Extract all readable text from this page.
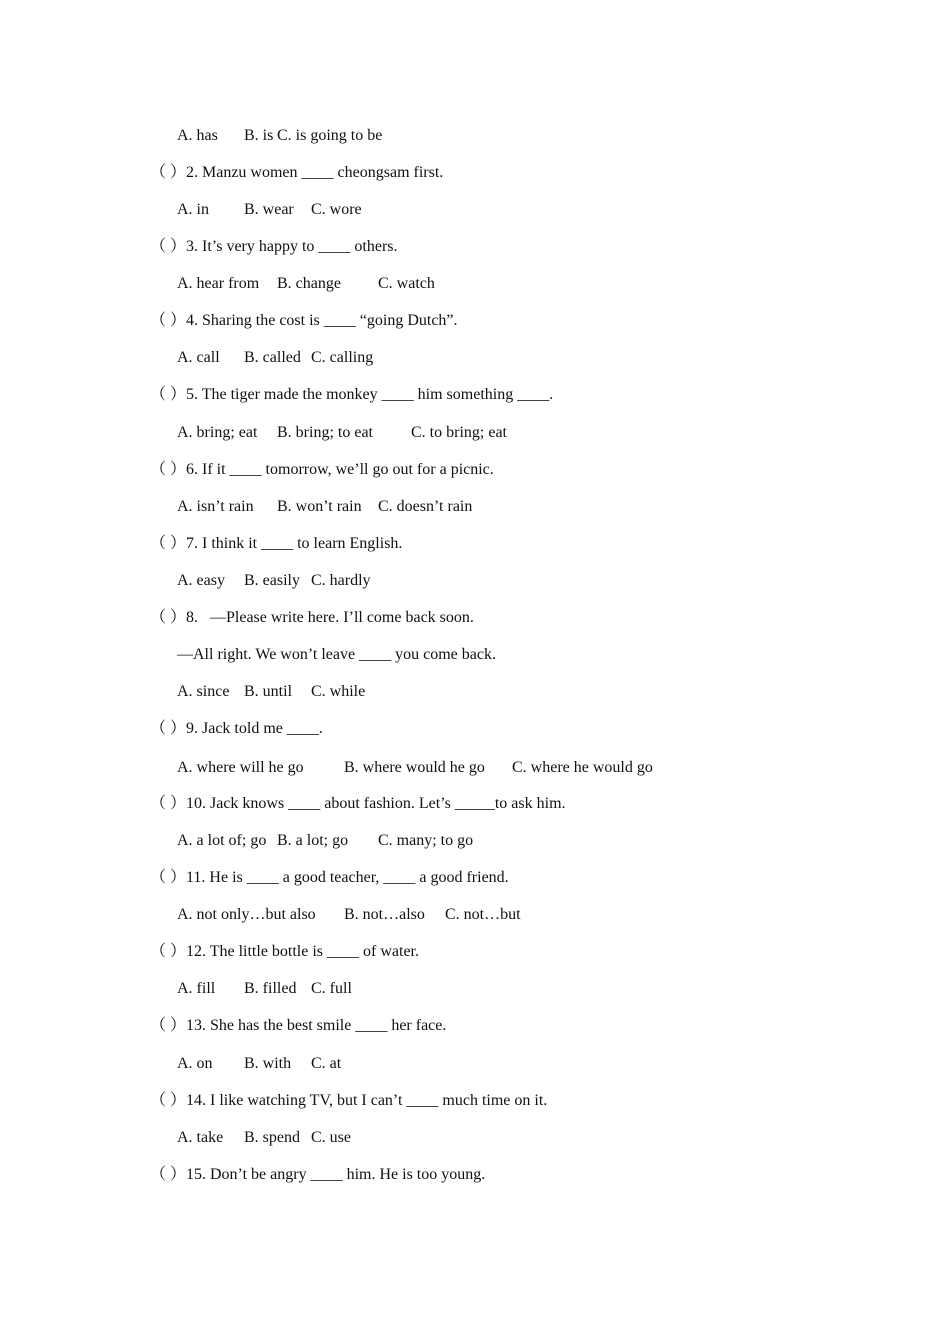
A. has B. is C. is going to be
（ ） 2. Manzu women ____ cheongsam first.
A. in B. wear C. wore
（ ） 3. It’s very happy to ____ others.
A. hear from B. change C. watch
（ ） 4. Sharing the cost is ____ “going Dutch”.
A. call B. called C. calling
（ ） 5. The tiger made the monkey ____ him something ____.
A. bring; eat B. bring; to eat C. to bring; eat
（ ） 6. If it ____ tomorrow, we’ll go out for a picnic.
A. isn’t rain B. won’t rain C. doesn’t rain
（ ） 7. I think it ____ to learn English.
A. easy B. easily C. hardly
（ ） 8.   —Please write here. I’ll come back soon.
—All right. We won’t leave ____ you come back.
A. since B. until C. while
（ ） 9. Jack told me ____.
A. where will he go	B. where would he go C. where he would go
（ ） 10. Jack knows ____ about fashion. Let’s _____to ask him.
A. a lot of; go B. a lot; go C. many; to go
（ ） 11. He is ____ a good teacher, ____ a good friend.
A. not only…but also B. not…also C. not…but
（ ） 12. The little bottle is ____ of water.
A. fill B. filled C. full
（ ） 13. She has the best smile ____ her face.
A. on B. with C. at
（ ） 14. I like watching TV, but I can’t ____ much time on it.
A. take B. spend C. use
（ ） 15. Don’t be angry ____ him. He is too young.
